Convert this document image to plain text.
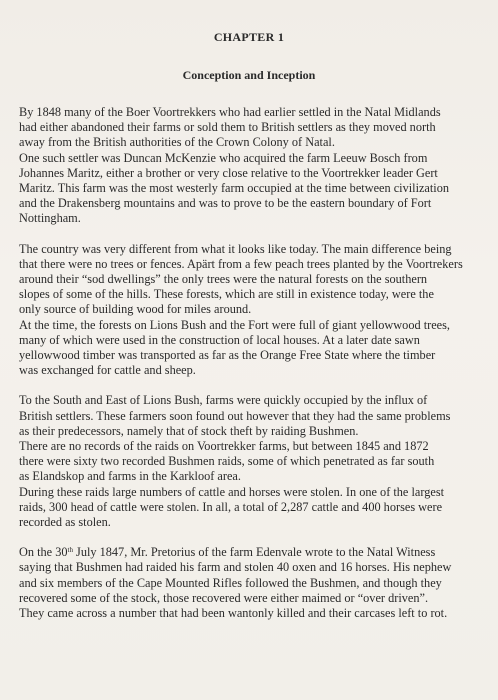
CHAPTER 1
Conception and Inception

By 1848 many of the Boer Voortrekkers who had earlier settled in the Natal Midlands
had either abandoned their farms or sold them to British settlers as they moved north
away from the British authorities of the Crown Colony of Natal.
One such settler was Duncan McKenzie who acquired the farm Leeuw Bosch from
Johannes Maritz, either a brother or very close relative to the Voortrekker leader Gert
Maritz. This farm was the most westerly farm occupied at the time between civilization
and the Drakensberg mountains and was to prove to be the eastern boundary of Fort
Nottingham.

The country was very different from what it looks like today. The main difference being
that there were no trees or fences. Apärt from a few peach trees planted by the Voortrekers
around their “sod dwellings” the only trees were the natural forests on the southern
slopes of some of the hills. These forests, which are still in existence today, were the
only source of building wood for miles around.
At the time, the forests on Lions Bush and the Fort were full of giant yellowwood trees,
many of which were used in the construction of local houses. At a later date sawn
yellowwood timber was transported as far as the Orange Free State where the timber
was exchanged for cattle and sheep.

To the South and East of Lions Bush, farms were quickly occupied by the influx of
British settlers. These farmers soon found out however that they had the same problems
as their predecessors, namely that of stock theft by raiding Bushmen.
There are no records of the raids on Voortrekker farms, but between 1845 and 1872
there were sixty two recorded Bushmen raids, some of which penetrated as far south
as Elandskop and farms in the Karkloof area.
During these raids large numbers of cattle and horses were stolen. In one of the largest
raids, 300 head of cattle were stolen. In all, a total of 2,287 cattle and 400 horses were
recorded as stolen.

On the 30th July 1847, Mr. Pretorius of the farm Edenvale wrote to the Natal Witness
saying that Bushmen had raided his farm and stolen 40 oxen and 16 horses. His nephew
and six members of the Cape Mounted Rifles followed the Bushmen, and though they
recovered some of the stock, those recovered were either maimed or “over driven”.
They came across a number that had been wantonly killed and their carcases left to rot.
